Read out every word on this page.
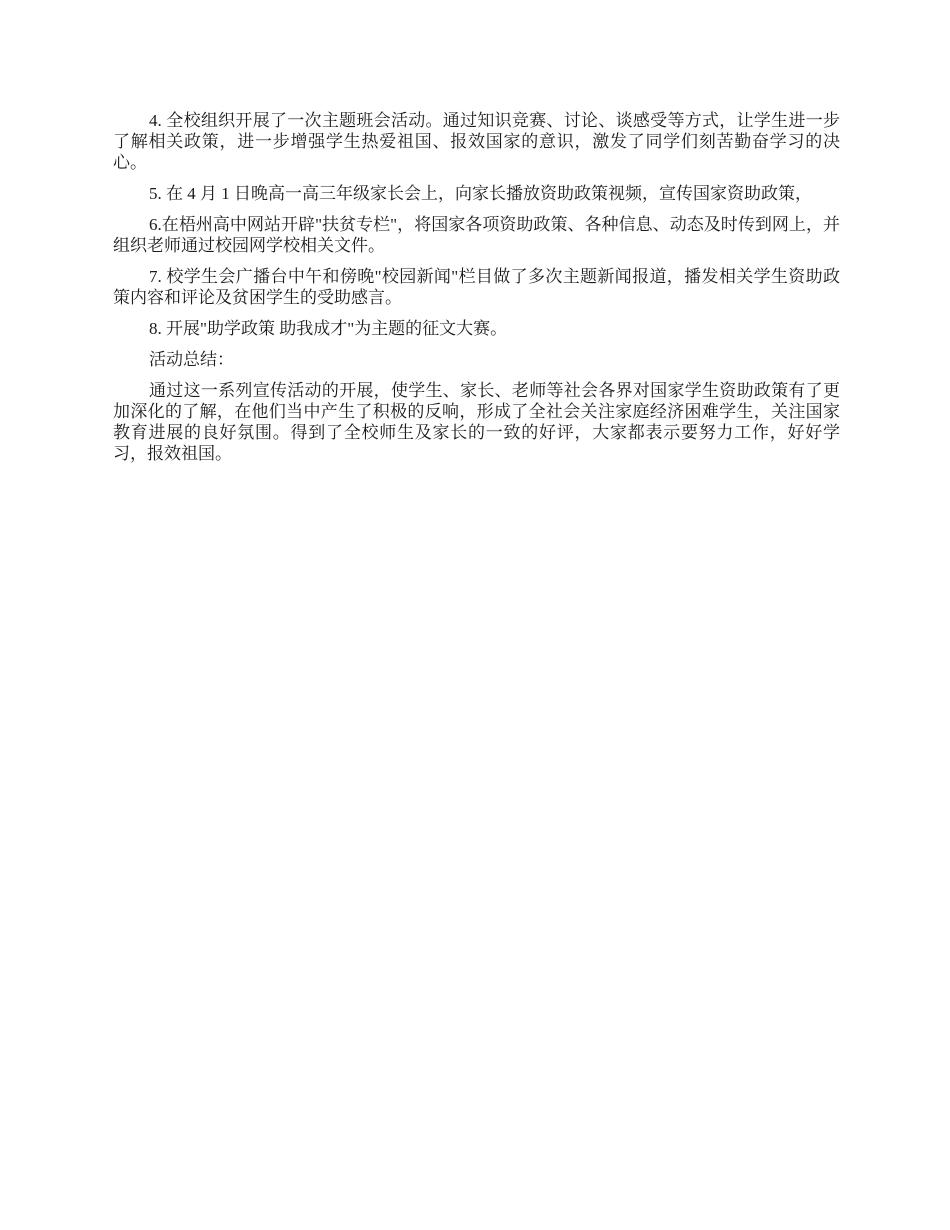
4. 全校组织开展了一次主题班会活动。通过知识竞赛、讨论、谈感受等方式，让学生进一步了解相关政策，进一步增强学生热爱祖国、报效国家的意识，激发了同学们刻苦勤奋学习的决心。

5. 在 4 月 1 日晚高一高三年级家长会上，向家长播放资助政策视频，宣传国家资助政策，

6.在梧州高中网站开辟"扶贫专栏"，将国家各项资助政策、各种信息、动态及时传到网上，并组织老师通过校园网学校相关文件。

7. 校学生会广播台中午和傍晚"校园新闻"栏目做了多次主题新闻报道，播发相关学生资助政策内容和评论及贫困学生的受助感言。

8. 开展"助学政策 助我成才"为主题的征文大赛。

活动总结：

通过这一系列宣传活动的开展，使学生、家长、老师等社会各界对国家学生资助政策有了更加深化的了解，在他们当中产生了积极的反响，形成了全社会关注家庭经济困难学生，关注国家教育进展的良好氛围。得到了全校师生及家长的一致的好评，大家都表示要努力工作，好好学习，报效祖国。
